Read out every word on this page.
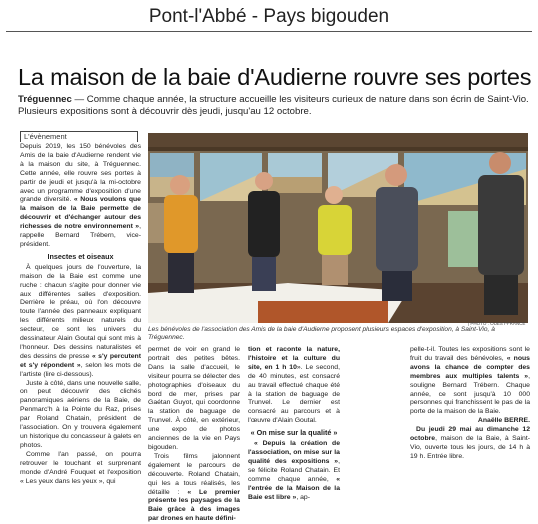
Pont-l'Abbé - Pays bigouden
La maison de la baie d'Audierne rouvre ses portes

Tréguennec — Comme chaque année, la structure accueille les visiteurs curieux de nature dans son écrin de Saint-Vio. Plusieurs expositions sont à découvrir dès jeudi, jusqu'au 12 octobre.

L'évènement

Depuis 2019, les 150 bénévoles des Amis de la baie d'Audierne rendent vie à la maison du site, à Tréguennec. Cette année, elle rouvre ses portes à partir de jeudi et jusqu'à la mi-octobre avec un programme d'exposition d'une grande diversité. « Nous voulons que la maison de la Baie permette de découvrir et d'échanger autour des richesses de notre environnement », rappelle Bernard Trébern, vice-président.

Insectes et oiseaux

À quelques jours de l'ouverture, la maison de la Baie est comme une ruche : chacun s'agite pour donner vie aux différentes salles d'exposition. Derrière le préau, où l'on découvre toute l'année des panneaux expliquant les différents milieux naturels du secteur, ce sont les univers du dessinateur Alain Goutal qui sont mis à l'honneur. Des dessins naturalistes et des dessins de presse « s'y percutent et s'y répondent », selon les mots de l'artiste (lire ci-dessous).

Juste à côté, dans une nouvelle salle, on peut découvrir des clichés panoramiques aériens de la Baie, de Penmarc'h à la Pointe du Raz, prises par Roland Chatain, président de l'association. On y trouvera également un historique du concasseur à galets en photos.

Comme l'an passé, on pourra retrouver le touchant et surprenant monde d'André Fouquet et l'exposition « Les yeux dans les yeux », qui

| PHOTO : OUEST-FRANCE

Les bénévoles de l'association des Amis de la baie d'Audierne proposent plusieurs espaces d'exposition, à Saint-Vio, à Tréguennec.

permet de voir en grand le portrait des petites bêtes. Dans la salle d'accueil, le visiteur pourra se délecter des photographies d'oiseaux du bord de mer, prises par Gaétan Guyot, qui coordonne la station de baguage de Trunvel. À côté, en extérieur, une expo de photos anciennes de la vie en Pays bigouden.

Trois films jalonnent également le parcours de découverte. Roland Chatain, qui les a tous réalisés, les détaille : « Le premier présente les paysages de la Baie grâce à des images par drones en haute défini-

tion et raconte la nature, l'histoire et la culture du site, en 1 h 10». Le second, de 40 minutes, est consacré au travail effectué chaque été à la station de baguage de Trunvel. Le dernier est consacré au parcours et à l'œuvre d'Alain Goutal.

« On mise sur la qualité »

« Depuis la création de l'association, on mise sur la qualité des expositions », se félicite Roland Chatain. Et comme chaque année, « l'entrée de la Maison de la Baie est libre », ap-

pelle-t-il. Toutes les expositions sont le fruit du travail des bénévoles, « nous avons la chance de compter des membres aux multiples talents », souligne Bernard Trébern. Chaque année, ce sont jusqu'à 10 000 personnes qui franchissent le pas de la porte de la maison de la Baie.

Anaëlle BERRE.

Du jeudi 29 mai au dimanche 12 octobre, maison de la Baie, à Saint-Vio, ouverte tous les jours, de 14 h à 19 h. Entrée libre.
